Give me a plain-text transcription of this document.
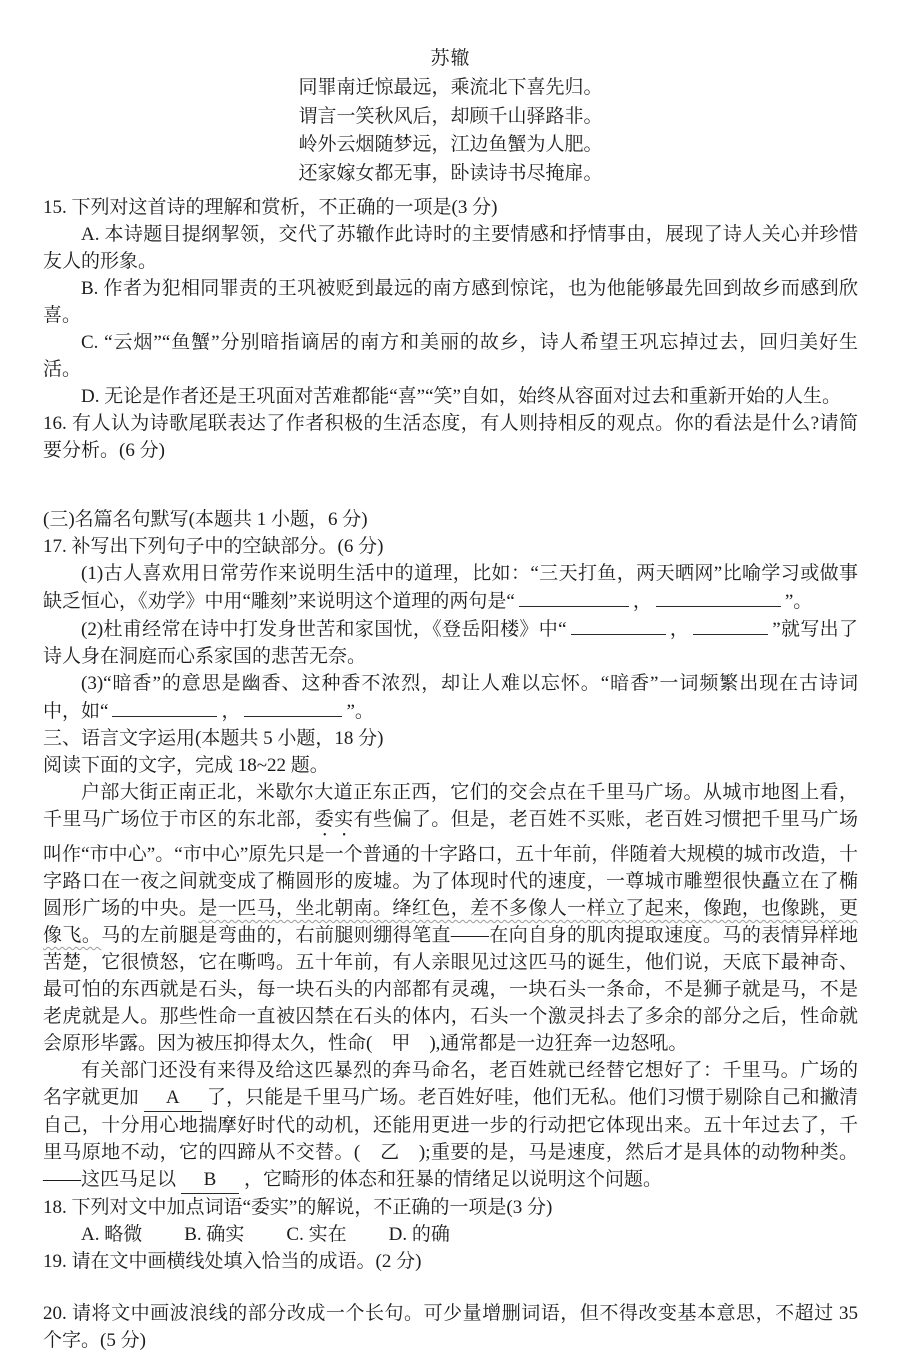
苏辙

同罪南迁惊最远，乘流北下喜先归。

谓言一笑秋风后，却顾千山驿路非。

岭外云烟随梦远，江边鱼蟹为人肥。

还家嫁女都无事，卧读诗书尽掩扉。

15. 下列对这首诗的理解和赏析，不正确的一项是(3 分)

A. 本诗题目提纲挈领，交代了苏辙作此诗时的主要情感和抒情事由，展现了诗人关心并珍惜友人的形象。

B. 作者为犯相同罪责的王巩被贬到最远的南方感到惊诧，也为他能够最先回到故乡而感到欣喜。

C. “云烟”“鱼蟹”分别暗指谪居的南方和美丽的故乡，诗人希望王巩忘掉过去，回归美好生活。

D. 无论是作者还是王巩面对苦难都能“喜”“笑”自如，始终从容面对过去和重新开始的人生。

16. 有人认为诗歌尾联表达了作者积极的生活态度，有人则持相反的观点。你的看法是什么?请简要分析。(6 分)

(三)名篇名句默写(本题共 1 小题，6 分)

17. 补写出下列句子中的空缺部分。(6 分)

(1)古人喜欢用日常劳作来说明生活中的道理，比如：“三天打鱼，两天晒网”比喻学习或做事缺乏恒心，《劝学》中用“雕刻”来说明这个道理的两句是“	，	”。

(2)杜甫经常在诗中打发身世苦和家国忧，《登岳阳楼》中“	，	”就写出了诗人身在洞庭而心系家国的悲苦无奈。

(3)“暗香”的意思是幽香、这种香不浓烈，却让人难以忘怀。“暗香”一词频繁出现在古诗词中，如“	，	”。

三、语言文字运用(本题共 5 小题，18 分)

阅读下面的文字，完成 18~22 题。

户部大街正南正北，米歇尔大道正东正西，它们的交会点在千里马广场。从城市地图上看，千里马广场位于市区的东北部，委实有些偏了。但是，老百姓不买账，老百姓习惯把千里马广场叫作“市中心”。“市中心”原先只是一个普通的十字路口，五十年前，伴随着大规模的城市改造，十字路口在一夜之间就变成了椭圆形的废墟。为了体现时代的速度，一尊城市雕塑很快矗立在了椭圆形广场的中央。是一匹马，坐北朝南。绛红色，差不多像人一样立了起来，像跑，也像跳，更像飞。马的左前腿是弯曲的，右前腿则绷得笔直——在向自身的肌肉提取速度。马的表情异样地苦楚，它很愤怒，它在嘶鸣。五十年前，有人亲眼见过这匹马的诞生，他们说，天底下最神奇、最可怕的东西就是石头，每一块石头的内部都有灵魂，一块石头一条命，不是狮子就是马，不是老虎就是人。那些性命一直被囚禁在石头的体内，石头一个激灵抖去了多余的部分之后，性命就会原形毕露。因为被压抑得太久，性命(　甲　),通常都是一边狂奔一边怒吼。

有关部门还没有来得及给这匹暴烈的奔马命名，老百姓就已经替它想好了：千里马。广场的名字就更加 A 了，只能是千里马广场。老百姓好哇，他们无私。他们习惯于剔除自己和撇清自己，十分用心地揣摩好时代的动机，还能用更进一步的行动把它体现出来。五十年过去了，千里马原地不动，它的四蹄从不交替。(　乙　);重要的是，马是速度，然后才是具体的动物种类。——这匹马足以 B ，它畸形的体态和狂暴的情绪足以说明这个问题。

18. 下列对文中加点词语“委实”的解说，不正确的一项是(3 分)

A. 略微 B. 确实 C. 实在 D. 的确

19. 请在文中画横线处填入恰当的成语。(2 分)

20. 请将文中画波浪线的部分改成一个长句。可少量增删词语，但不得改变基本意思，不超过 35 个字。(5 分)
